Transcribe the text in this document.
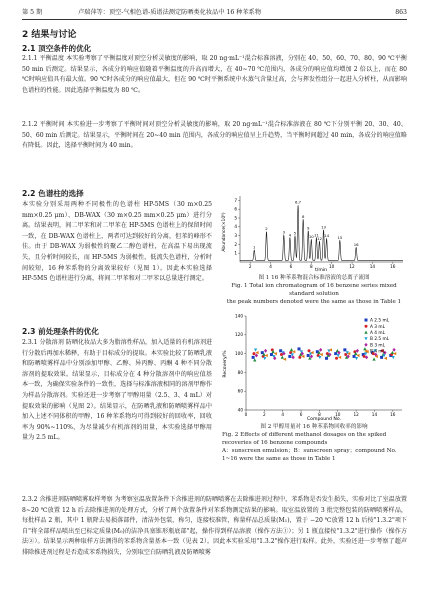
第 5 期	卢瑞萍等：顶空-气相色谱-质谱法测定防晒类化妆品中 16 种苯系物	863
2 结果与讨论
2.1 顶空条件的优化

2.1.1 平衡温度 本实验考察了平衡温度对顶空分析灵敏度的影响，取 20 ng·mL⁻¹混合标准溶液，分别在 40、50、60、70、80、90 ℃平衡 50 min 后测定。结果显示，各成分的响应值随着平衡温度的升高而增大，在 40~70 ℃范围内，各成分的响应值均增加 2 倍以上，而在 80 ℃时响应值具有最大值。90 ℃时各成分的响应值最大，但在 90 ℃时平衡系统中水蒸气含量过高，会与挥发性组分一起进入分析柱，从而影响色谱柱的性能。因此选择平衡温度为 80 ℃。

2.1.2 平衡时间 本实验进一步考察了平衡时间对顶空分析灵敏度的影响，取 20 ng·mL⁻¹混合标准溶液在 80 ℃下分别平衡 20、30、40、50、60 min 后测定。结果显示，平衡时间在 20~40 min 范围内，各成分的响应值呈上升趋势，当平衡时间超过 40 min，各成分的响应值略有降低。因此，选择平衡时间为 40 min。

2.2 色谱柱的选择

本实验分别采用两种不同极性的色谱柱 HP-5MS（30 m×0.25 mm×0.25 μm）、DB-WAX（30 m×0.25 mm×0.25 μm）进行分离。结果表明，间二甲苯和对二甲苯在 HP-5MS 色谱柱上的保留时间一致，在 DB-WAX 色谱柱上，两者可达到较好的分离，但苯的峰形不佳。由于 DB-WAX 为弱极性的聚乙二醇色谱柱，在高温下易出现流失，且分析时间较长，而 HP-5MS 为弱极性、低流失色谱柱，分析时间较短，16 种苯系物的分离效果较好（见图 1）。因此本实验选择 HP-5MS 色谱柱进行分离，将间二甲苯和对二甲苯以总量进行测定。

2.3 前处理条件的优化

2.3.1 分散溶剂 防晒化妆品大多为脂溶性样品，加入适量的有机溶剂进行分散后再加水稀释，有助于目标成分的提取。本实验比较了防晒乳液和防晒喷雾样品中分别添加甲醇、乙醇、异丙醇、丙酮 4 种不同分散溶剂的提取效果。结果显示，目标成分在 4 种分散溶剂中的响应值基本一致，为确保实验条件的一致性，选择与标准溶液相同的溶剂甲醇作为样品分散溶剂。实验还进一步考察了甲醇用量（2.5、3、4 mL）对提取效果的影响（见图 2）。结果显示，在防晒乳液和防晒喷雾样品中加入上述不同体积的甲醇，16 种苯系物均可得到较好的回收率，回收率为 90%~110%，为尽量减少有机溶剂的用量，本实验选择甲醇用量为 2.5 mL。

2.3.2 含推进剂防晒喷雾取样考察 为考察室温放置条件下含推进剂的防晒喷雾在去除推进剂过程中，苯系物是否发生损失，实验对比了室温放置 8~20 ℃放置 12 h 后去除推进剂的处理方式，分析了两个放置条件对苯系物测定结果的影响。取室温放置的 3 批完整包装的防晒喷雾样品，每批样品 2 瓶，其中 1 瓶降去易损落部件，清洁外包装，称匀，连接校准管，称量样品总质量(M₁)，置于 −20 ℃放置 12 h 后按"1.3.2"项下自"将全部样品喷出至已标定质量(M₀)的洁净具塞锥形瓶底部"起，操作得到样品溶液（操作方法①）；另 1 瓶直接按"1.3.2"进行操作（操作方法②）。结果显示两种取样方法测得的苯系物含量基本一致（见表 2）。因此本实验采用"1.3.2"操作进行取样。此外，实验还进一步考察了超声排除推进剂过程是否造成苯系物损失，分别取空白防晒乳液及防晒喷雾

2	4	6	8	10	12	14	16
1
2
3
4
5
6
7
1
2
3
4 5
6,7
8
9
10 11
12
13
14 15
16
Abundance(×10⁶)
t/min

图 1 16 种苯系物混合标准溶液的总离子流图

Fig. 1 Total ion chromatogram of 16 benzene series mixed standard solution

the peak numbers denoted were the same as those in Table 1

0	2	4	6	8	10	12	14	16
40
60
80
100
120
140
A 2.5 mL
A 3 mL
A 4 mL
B 2.5 mL
B 3 mL
B 4 mL
Recovery/%
Compound No.

图 2 甲醇用量对 16 种苯系物回收率的影响

Fig. 2 Effects of different methanol dosages on the spiked recoveries of 16 benzene compounds

A：sunscreen emulsion；B：sunscreen spray；compound No. 1~16 were the same as those in Table 1
